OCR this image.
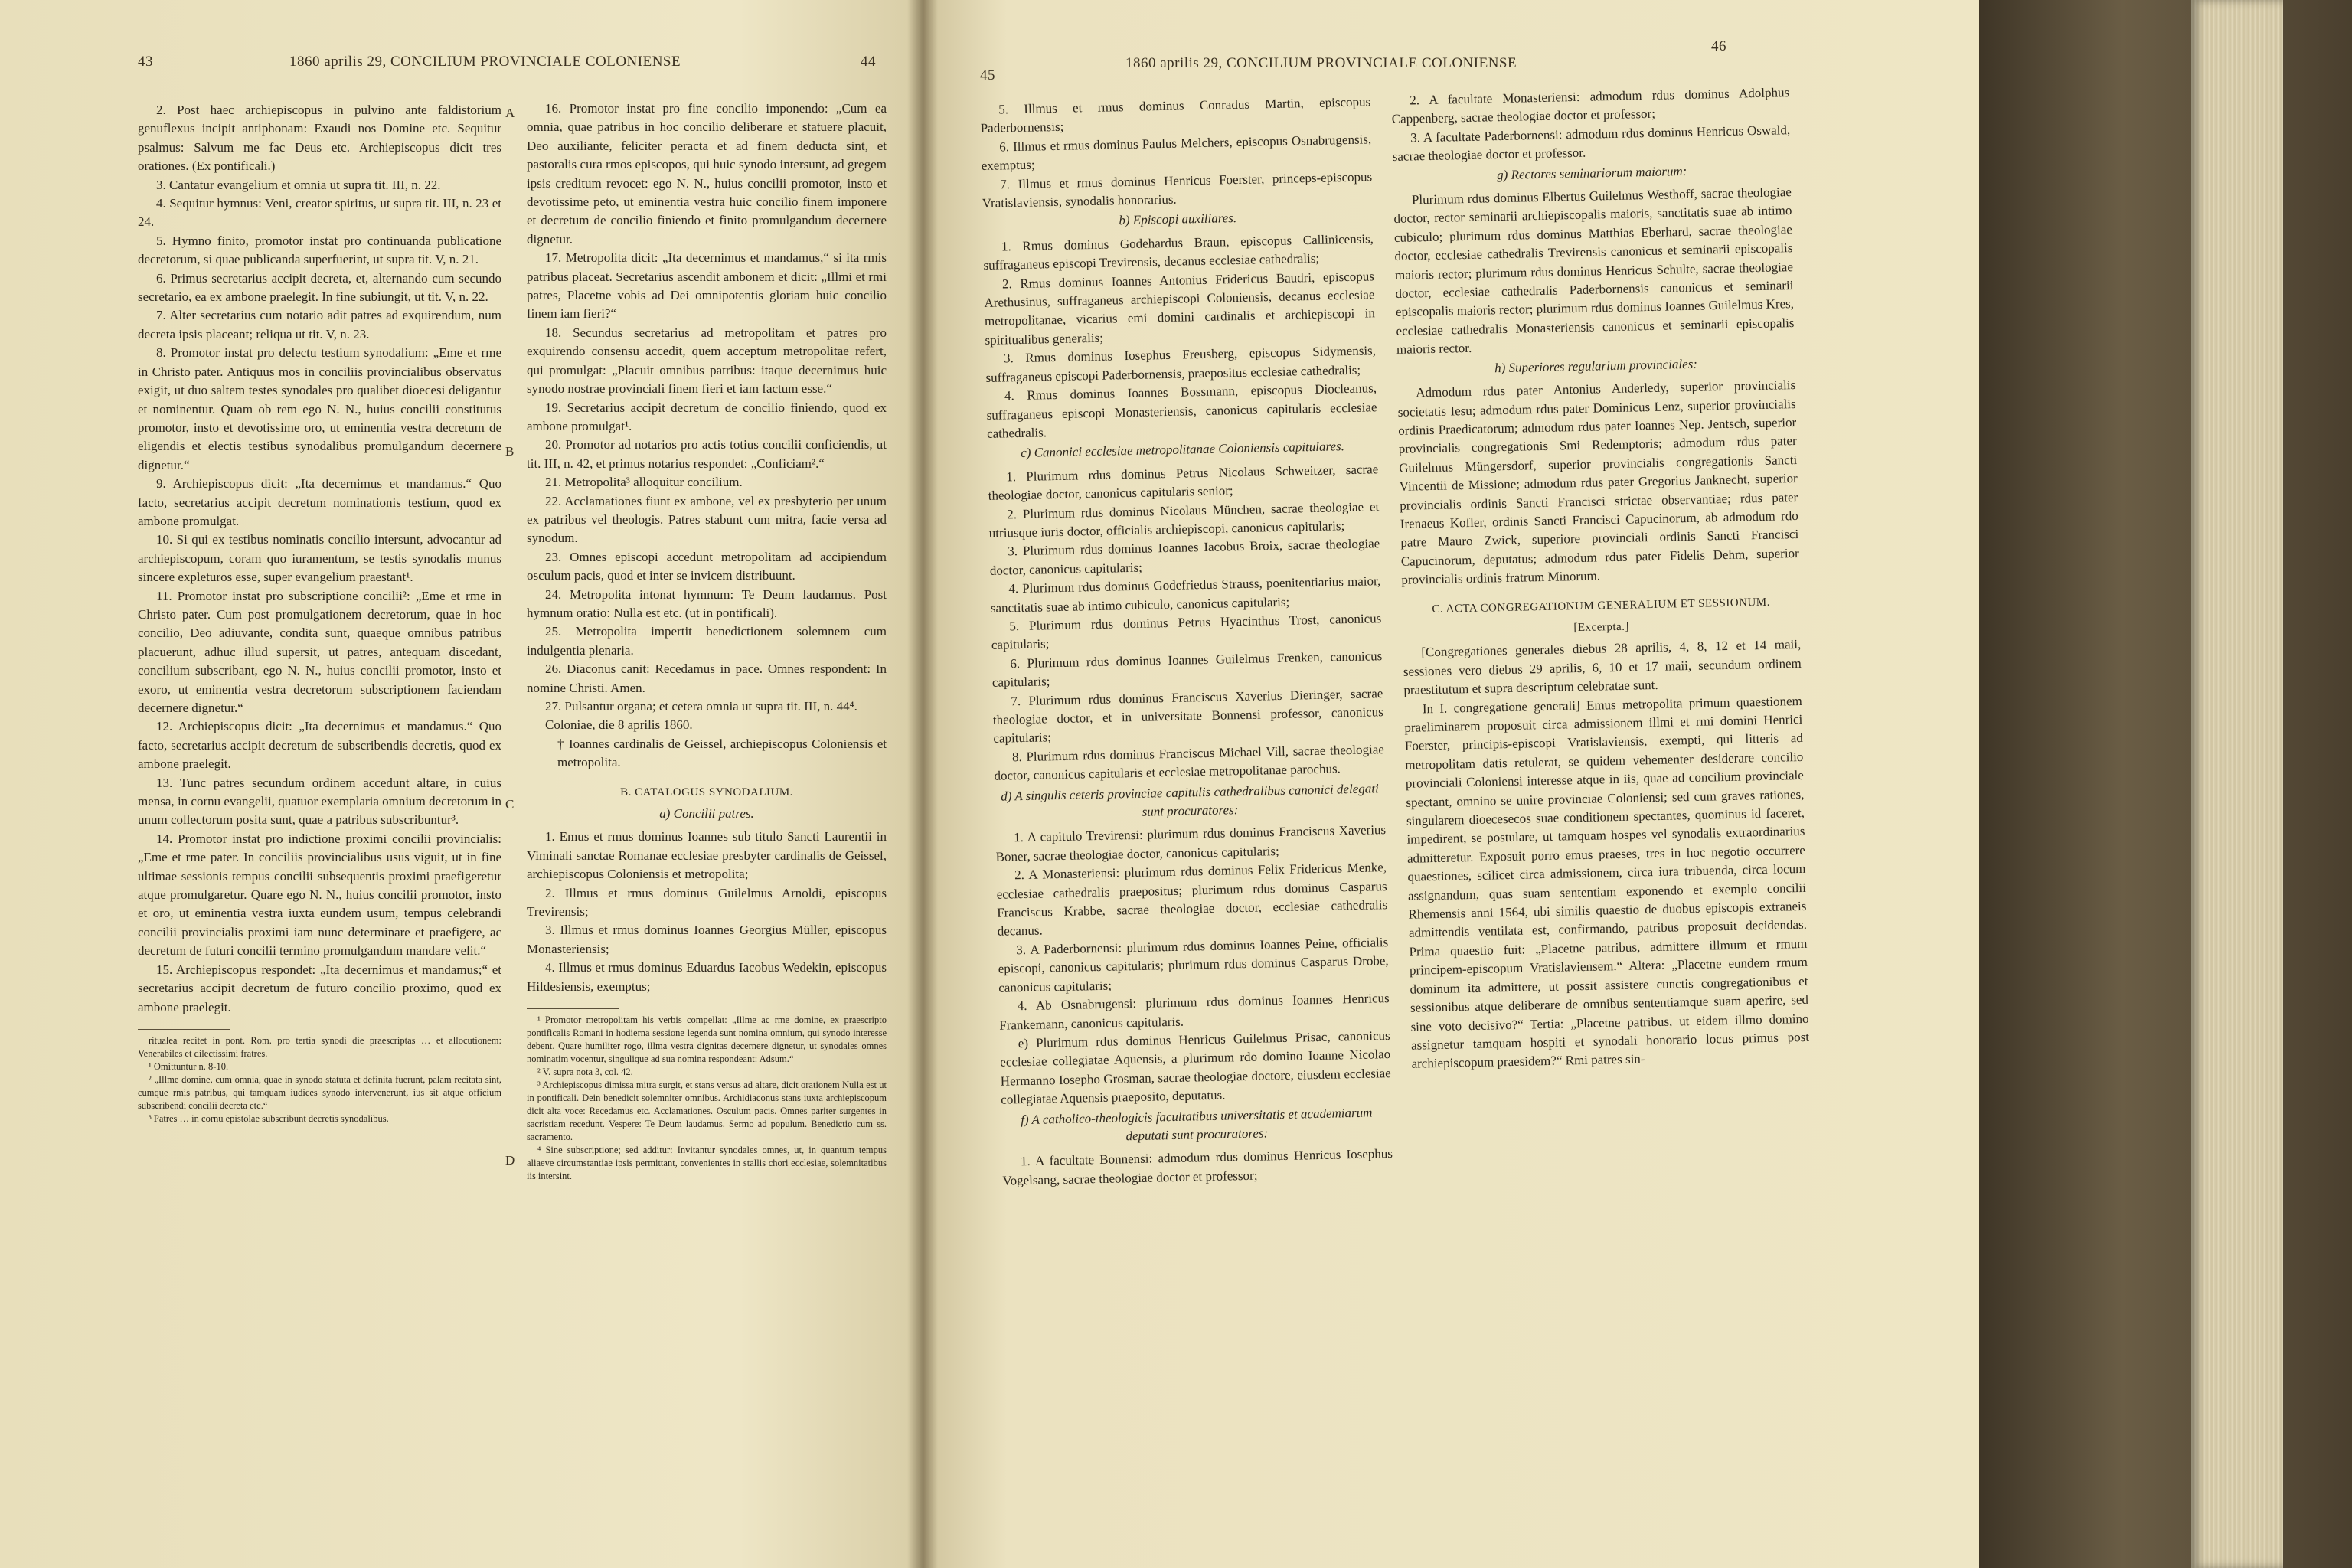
43	1860 aprilis 29, CONCILIUM PROVINCIALE COLONIENSE	44
A
B
C
D

2. Post haec archiepiscopus in pulvino ante faldistorium genuflexus incipit antiphonam: Exaudi nos Domine etc. Sequitur psalmus: Salvum me fac Deus etc. Archiepiscopus dicit tres orationes. (Ex pontificali.)

3. Cantatur evangelium et omnia ut supra tit. III, n. 22.

4. Sequitur hymnus: Veni, creator spiritus, ut supra tit. III, n. 23 et 24.

5. Hymno finito, promotor instat pro continuanda publicatione decretorum, si quae publicanda superfuerint, ut supra tit. V, n. 21.

6. Primus secretarius accipit decreta, et, alternando cum secundo secretario, ea ex ambone praelegit. In fine subiungit, ut tit. V, n. 22.

7. Alter secretarius cum notario adit patres ad exquirendum, num decreta ipsis placeant; reliqua ut tit. V, n. 23.

8. Promotor instat pro delectu testium synodalium: „Eme et rme in Christo pater. Antiquus mos in conciliis provincialibus observatus exigit, ut duo saltem testes synodales pro qualibet dioecesi deligantur et nominentur. Quam ob rem ego N. N., huius concilii constitutus promotor, insto et devotissime oro, ut eminentia vestra decretum de eligendis et electis testibus synodalibus promulgandum decernere dignetur.“

9. Archiepiscopus dicit: „Ita decernimus et mandamus.“ Quo facto, secretarius accipit decretum nominationis testium, quod ex ambone promulgat.

10. Si qui ex testibus nominatis concilio intersunt, advocantur ad archiepiscopum, coram quo iuramentum, se testis synodalis munus sincere expleturos esse, super evangelium praestant¹.

11. Promotor instat pro subscriptione concilii²: „Eme et rme in Christo pater. Cum post promulgationem decretorum, quae in hoc concilio, Deo adiuvante, condita sunt, quaeque omnibus patribus placuerunt, adhuc illud supersit, ut patres, antequam discedant, concilium subscribant, ego N. N., huius concilii promotor, insto et exoro, ut eminentia vestra decretorum subscriptionem faciendam decernere dignetur.“

12. Archiepiscopus dicit: „Ita decernimus et mandamus.“ Quo facto, secretarius accipit decretum de subscribendis decretis, quod ex ambone praelegit.

13. Tunc patres secundum ordinem accedunt altare, in cuius mensa, in cornu evangelii, quatuor exemplaria omnium decretorum in unum collectorum posita sunt, quae a patribus subscribuntur³.

14. Promotor instat pro indictione proximi concilii provincialis: „Eme et rme pater. In conciliis provincialibus usus viguit, ut in fine ultimae sessionis tempus concilii subsequentis proximi praefigeretur atque promulgaretur. Quare ego N. N., huius concilii promotor, insto et oro, ut eminentia vestra iuxta eundem usum, tempus celebrandi concilii provincialis proximi iam nunc determinare et praefigere, ac decretum de futuri concilii termino promulgandum mandare velit.“

15. Archiepiscopus respondet: „Ita decernimus et mandamus;“ et secretarius accipit decretum de futuro concilio proximo, quod ex ambone praelegit.

ritualea recitet in pont. Rom. pro tertia synodi die praescriptas … et allocutionem: Venerabiles et dilectissimi fratres.

¹ Omittuntur n. 8-10.

² „Illme domine, cum omnia, quae in synodo statuta et definita fuerunt, palam recitata sint, cumque rmis patribus, qui tamquam iudices synodo intervenerunt, ius sit atque officium subscribendi concilii decreta etc.“

³ Patres … in cornu epistolae subscribunt decretis synodalibus.

16. Promotor instat pro fine concilio imponendo: „Cum ea omnia, quae patribus in hoc concilio deliberare et statuere placuit, Deo auxiliante, feliciter peracta et ad finem deducta sint, et pastoralis cura rmos episcopos, qui huic synodo intersunt, ad gregem ipsis creditum revocet: ego N. N., huius concilii promotor, insto et devotissime peto, ut eminentia vestra huic concilio finem imponere et decretum de concilio finiendo et finito promulgandum decernere dignetur.

17. Metropolita dicit: „Ita decernimus et mandamus,“ si ita rmis patribus placeat. Secretarius ascendit ambonem et dicit: „Illmi et rmi patres, Placetne vobis ad Dei omnipotentis gloriam huic concilio finem iam fieri?“

18. Secundus secretarius ad metropolitam et patres pro exquirendo consensu accedit, quem acceptum metropolitae refert, qui promulgat: „Placuit omnibus patribus: itaque decernimus huic synodo nostrae provinciali finem fieri et iam factum esse.“

19. Secretarius accipit decretum de concilio finiendo, quod ex ambone promulgat¹.

20. Promotor ad notarios pro actis totius concilii conficiendis, ut tit. III, n. 42, et primus notarius respondet: „Conficiam².“

21. Metropolita³ alloquitur concilium.

22. Acclamationes fiunt ex ambone, vel ex presbyterio per unum ex patribus vel theologis. Patres stabunt cum mitra, facie versa ad synodum.

23. Omnes episcopi accedunt metropolitam ad accipiendum osculum pacis, quod et inter se invicem distribuunt.

24. Metropolita intonat hymnum: Te Deum laudamus. Post hymnum oratio: Nulla est etc. (ut in pontificali).

25. Metropolita impertit benedictionem solemnem cum indulgentia plenaria.

26. Diaconus canit: Recedamus in pace. Omnes respondent: In nomine Christi. Amen.

27. Pulsantur organa; et cetera omnia ut supra tit. III, n. 44⁴.

Coloniae, die 8 aprilis 1860.

† Ioannes cardinalis de Geissel, archiepiscopus Coloniensis et metropolita.

B. CATALOGUS SYNODALIUM.

a) Concilii patres.

1. Emus et rmus dominus Ioannes sub titulo Sancti Laurentii in Viminali sanctae Romanae ecclesiae presbyter cardinalis de Geissel, archiepiscopus Coloniensis et metropolita;

2. Illmus et rmus dominus Guilelmus Arnoldi, episcopus Trevirensis;

3. Illmus et rmus dominus Ioannes Georgius Müller, episcopus Monasteriensis;

4. Illmus et rmus dominus Eduardus Iacobus Wedekin, episcopus Hildesiensis, exemptus;

¹ Promotor metropolitam his verbis compellat: „Illme ac rme domine, ex praescripto pontificalis Romani in hodierna sessione legenda sunt nomina omnium, qui synodo interesse debent. Quare humiliter rogo, illma vestra dignitas decernere dignetur, ut synodales omnes nominatim vocentur, singulique ad sua nomina respondeant: Adsum.“

² V. supra nota 3, col. 42.

³ Archiepiscopus dimissa mitra surgit, et stans versus ad altare, dicit orationem Nulla est ut in pontificali. Dein benedicit solemniter omnibus. Archidiaconus stans iuxta archiepiscopum dicit alta voce: Recedamus etc. Acclamationes. Osculum pacis. Omnes pariter surgentes in sacristiam recedunt. Vespere: Te Deum laudamus. Sermo ad populum. Benedictio cum ss. sacramento.

⁴ Sine subscriptione; sed additur: Invitantur synodales omnes, ut, in quantum tempus aliaeve circumstantiae ipsis permittant, convenientes in stallis chori ecclesiae, solemnitatibus iis intersint.

45
1860 aprilis 29, CONCILIUM PROVINCIALE COLONIENSE
46

5. Illmus et rmus dominus Conradus Martin, episcopus Paderbornensis;

6. Illmus et rmus dominus Paulus Melchers, episcopus Osnabrugensis, exemptus;

7. Illmus et rmus dominus Henricus Foerster, princeps-episcopus Vratislaviensis, synodalis honorarius.

b) Episcopi auxiliares.

1. Rmus dominus Godehardus Braun, episcopus Callinicensis, suffraganeus episcopi Trevirensis, decanus ecclesiae cathedralis;

2. Rmus dominus Ioannes Antonius Fridericus Baudri, episcopus Arethusinus, suffraganeus archiepiscopi Coloniensis, decanus ecclesiae metropolitanae, vicarius emi domini cardinalis et archiepiscopi in spiritualibus generalis;

3. Rmus dominus Iosephus Freusberg, episcopus Sidymensis, suffraganeus episcopi Paderbornensis, praepositus ecclesiae cathedralis;

4. Rmus dominus Ioannes Bossmann, episcopus Diocleanus, suffraganeus episcopi Monasteriensis, canonicus capitularis ecclesiae cathedralis.

c) Canonici ecclesiae metropolitanae Coloniensis capitulares.

1. Plurimum rdus dominus Petrus Nicolaus Schweitzer, sacrae theologiae doctor, canonicus capitularis senior;

2. Plurimum rdus dominus Nicolaus München, sacrae theologiae et utriusque iuris doctor, officialis archiepiscopi, canonicus capitularis;

3. Plurimum rdus dominus Ioannes Iacobus Broix, sacrae theologiae doctor, canonicus capitularis;

4. Plurimum rdus dominus Godefriedus Strauss, poenitentiarius maior, sanctitatis suae ab intimo cubiculo, canonicus capitularis;

5. Plurimum rdus dominus Petrus Hyacinthus Trost, canonicus capitularis;

6. Plurimum rdus dominus Ioannes Guilelmus Frenken, canonicus capitularis;

7. Plurimum rdus dominus Franciscus Xaverius Dieringer, sacrae theologiae doctor, et in universitate Bonnensi professor, canonicus capitularis;

8. Plurimum rdus dominus Franciscus Michael Vill, sacrae theologiae doctor, canonicus capitularis et ecclesiae metropolitanae parochus.

d) A singulis ceteris provinciae capitulis cathedralibus canonici delegati sunt procuratores:

1. A capitulo Trevirensi: plurimum rdus dominus Franciscus Xaverius Boner, sacrae theologiae doctor, canonicus capitularis;

2. A Monasteriensi: plurimum rdus dominus Felix Fridericus Menke, ecclesiae cathedralis praepositus; plurimum rdus dominus Casparus Franciscus Krabbe, sacrae theologiae doctor, ecclesiae cathedralis decanus.

3. A Paderbornensi: plurimum rdus dominus Ioannes Peine, officialis episcopi, canonicus capitularis; plurimum rdus dominus Casparus Drobe, canonicus capitularis;

4. Ab Osnabrugensi: plurimum rdus dominus Ioannes Henricus Frankemann, canonicus capitularis.

e) Plurimum rdus dominus Henricus Guilelmus Prisac, canonicus ecclesiae collegiatae Aquensis, a plurimum rdo domino Ioanne Nicolao Hermanno Iosepho Grosman, sacrae theologiae doctore, eiusdem ecclesiae collegiatae Aquensis praeposito, deputatus.

f) A catholico-theologicis facultatibus universitatis et academiarum deputati sunt procuratores:

1. A facultate Bonnensi: admodum rdus dominus Henricus Iosephus Vogelsang, sacrae theologiae doctor et professor;

2. A facultate Monasteriensi: admodum rdus dominus Adolphus Cappenberg, sacrae theologiae doctor et professor;

3. A facultate Paderbornensi: admodum rdus dominus Henricus Oswald, sacrae theologiae doctor et professor.

g) Rectores seminariorum maiorum:

Plurimum rdus dominus Elbertus Guilelmus Westhoff, sacrae theologiae doctor, rector seminarii archiepiscopalis maioris, sanctitatis suae ab intimo cubiculo; plurimum rdus dominus Matthias Eberhard, sacrae theologiae doctor, ecclesiae cathedralis Trevirensis canonicus et seminarii episcopalis maioris rector; plurimum rdus dominus Henricus Schulte, sacrae theologiae doctor, ecclesiae cathedralis Paderbornensis canonicus et seminarii episcopalis maioris rector; plurimum rdus dominus Ioannes Guilelmus Kres, ecclesiae cathedralis Monasteriensis canonicus et seminarii episcopalis maioris rector.

h) Superiores regularium provinciales:

Admodum rdus pater Antonius Anderledy, superior provincialis societatis Iesu; admodum rdus pater Dominicus Lenz, superior provincialis ordinis Praedicatorum; admodum rdus pater Ioannes Nep. Jentsch, superior provincialis congregationis Smi Redemptoris; admodum rdus pater Guilelmus Müngersdorf, superior provincialis congregationis Sancti Vincentii de Missione; admodum rdus pater Gregorius Janknecht, superior provincialis ordinis Sancti Francisci strictae observantiae; rdus pater Irenaeus Kofler, ordinis Sancti Francisci Capucinorum, ab admodum rdo patre Mauro Zwick, superiore provinciali ordinis Sancti Francisci Capucinorum, deputatus; admodum rdus pater Fidelis Dehm, superior provincialis ordinis fratrum Minorum.

C. ACTA CONGREGATIONUM GENERALIUM ET SESSIONUM.

[Excerpta.]

[Congregationes generales diebus 28 aprilis, 4, 8, 12 et 14 maii, sessiones vero diebus 29 aprilis, 6, 10 et 17 maii, secundum ordinem praestitutum et supra descriptum celebratae sunt.

In I. congregatione generali] Emus metropolita primum quaestionem praeliminarem proposuit circa admissionem illmi et rmi domini Henrici Foerster, principis-episcopi Vratislaviensis, exempti, qui litteris ad metropolitam datis retulerat, se quidem vehementer desiderare concilio provinciali Coloniensi interesse atque in iis, quae ad concilium provinciale spectant, omnino se unire provinciae Coloniensi; sed cum graves rationes, singularem dioecesecos suae conditionem spectantes, quominus id faceret, impedirent, se postulare, ut tamquam hospes vel synodalis extraordinarius admitteretur. Exposuit porro emus praeses, tres in hoc negotio occurrere quaestiones, scilicet circa admissionem, circa iura tribuenda, circa locum assignandum, quas suam sententiam exponendo et exemplo concilii Rhemensis anni 1564, ubi similis quaestio de duobus episcopis extraneis admittendis ventilata est, confirmando, patribus proposuit decidendas. Prima quaestio fuit: „Placetne patribus, admittere illmum et rmum principem-episcopum Vratislaviensem.“ Altera: „Placetne eundem rmum dominum ita admittere, ut possit assistere cunctis congregationibus et sessionibus atque deliberare de omnibus sententiamque suam aperire, sed sine voto decisivo?“ Tertia: „Placetne patribus, ut eidem illmo domino assignetur tamquam hospiti et synodali honorario locus primus post archiepiscopum praesidem?“ Rmi patres sin-
